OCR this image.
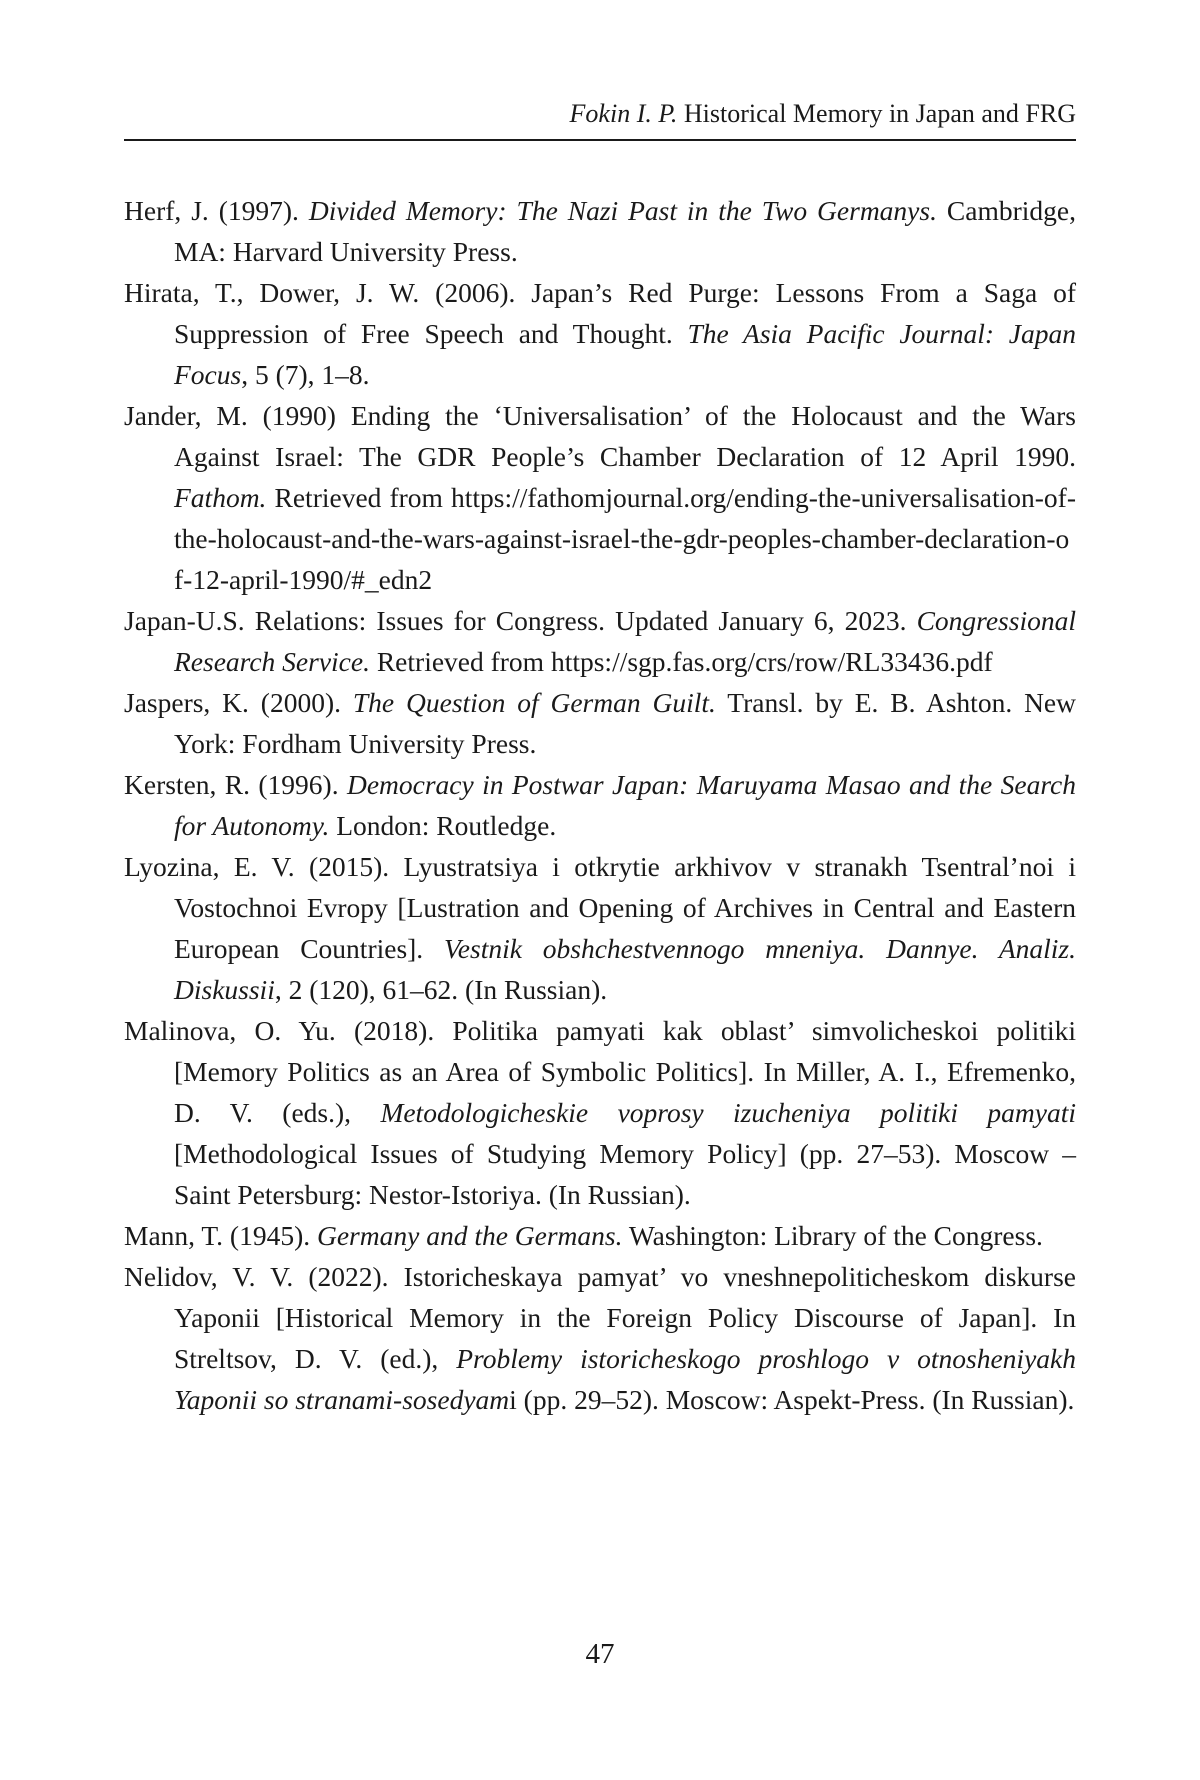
Fokin I. P. Historical Memory in Japan and FRG
Herf, J. (1997). Divided Memory: The Nazi Past in the Two Germanys. Cambridge, MA: Harvard University Press.
Hirata, T., Dower, J. W. (2006). Japan’s Red Purge: Lessons From a Saga of Suppression of Free Speech and Thought. The Asia Pacific Journal: Japan Focus, 5 (7), 1–8.
Jander, M. (1990) Ending the ‘Universalisation’ of the Holocaust and the Wars Against Israel: The GDR People’s Chamber Declaration of 12 April 1990. Fathom. Retrieved from https://fathomjournal.org/ending-the-universalisation-of-the-holocaust-and-the-wars-against-israel-the-gdr-peoples-chamber-declaration-of-12-april-1990/#_edn2
Japan-U.S. Relations: Issues for Congress. Updated January 6, 2023. Congressional Research Service. Retrieved from https://sgp.fas.org/crs/row/RL33436.pdf
Jaspers, K. (2000). The Question of German Guilt. Transl. by E. B. Ashton. New York: Fordham University Press.
Kersten, R. (1996). Democracy in Postwar Japan: Maruyama Masao and the Search for Autonomy. London: Routledge.
Lyozina, E. V. (2015). Lyustratsiya i otkrytie arkhivov v stranakh Tsentral’noi i Vostochnoi Evropy [Lustration and Opening of Archives in Central and Eastern European Countries]. Vestnik obshchestvennogo mneniya. Dannye. Analiz. Diskussii, 2 (120), 61–62. (In Russian).
Malinova, O. Yu. (2018). Politika pamyati kak oblast’ simvolicheskoi politiki [Memory Politics as an Area of Symbolic Politics]. In Miller, A. I., Efremenko, D. V. (eds.), Metodologicheskie voprosy izucheniya politiki pamyati [Methodological Issues of Studying Memory Policy] (pp. 27–53). Moscow – Saint Petersburg: Nestor-Istoriya. (In Russian).
Mann, T. (1945). Germany and the Germans. Washington: Library of the Congress.
Nelidov, V. V. (2022). Istoricheskaya pamyat’ vo vneshnepoliticheskom diskurse Yaponii [Historical Memory in the Foreign Policy Discourse of Japan]. In Streltsov, D. V. (ed.), Problemy istoricheskogo proshlogo v otnosheniyakh Yaponii so stranami-sosedyami (pp. 29–52). Moscow: Aspekt-Press. (In Russian).
47
